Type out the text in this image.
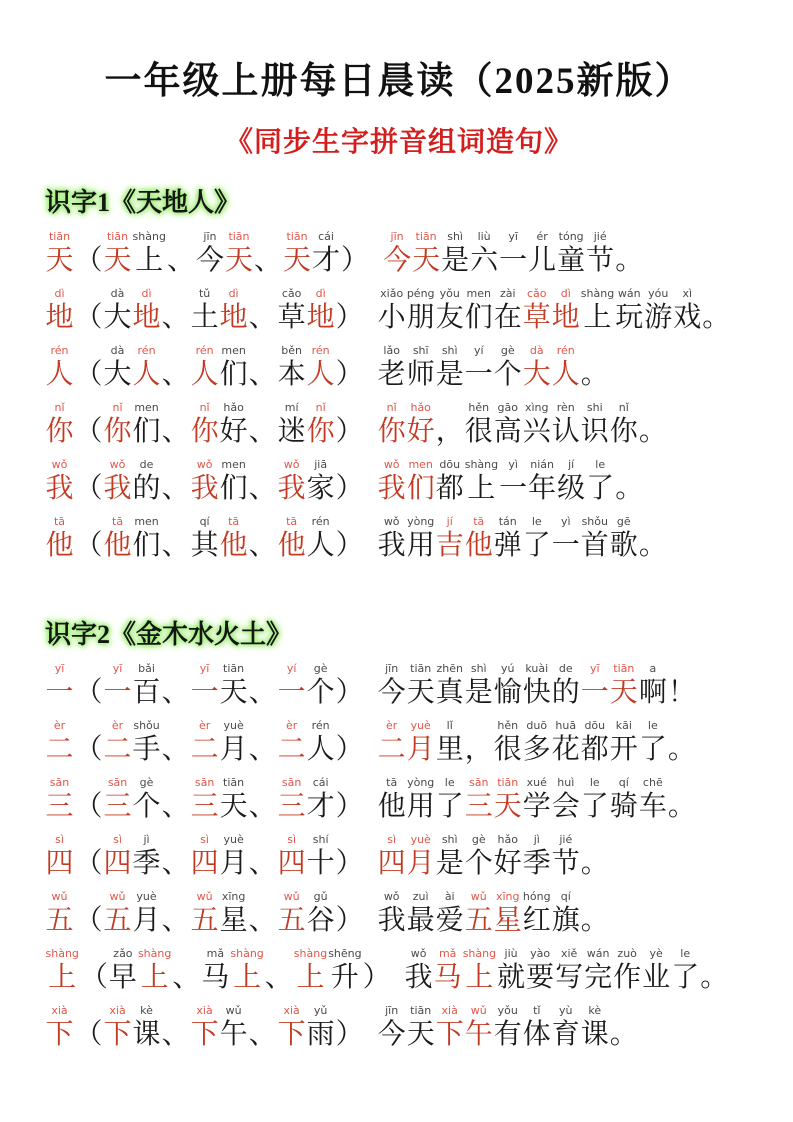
一年级上册每日晨读（2025新版）
《同步生字拼音组词造句》
识字1《天地人》
tiān
天
（
tiān
天
shàng
上
、
jīn
今
tiān
天
、
tiān
天
cái
才
）
jīn
今
tiān
天
shì
是
liù
六
yī
一
ér
儿
tóng
童
jié
节
。
dì
地
（
dà
大
dì
地
、
tǔ
土
dì
地
、
cǎo
草
dì
地
）
xiǎo
小
péng
朋
yǒu
友
men
们
zài
在
cǎo
草
dì
地
shàng
上
wán
玩
yóu
游
xì
戏
。
rén
人
（
dà
大
rén
人
、
rén
人
men
们
、
běn
本
rén
人
）
lǎo
老
shī
师
shì
是
yí
一
gè
个
dà
大
rén
人
。
nǐ
你
（
nǐ
你
men
们
、
nǐ
你
hǎo
好
、
mí
迷
nǐ
你
）
nǐ
你
hǎo
好
，
hěn
很
gāo
高
xìng
兴
rèn
认
shi
识
nǐ
你
。
wǒ
我
（
wǒ
我
de
的
、
wǒ
我
men
们
、
wǒ
我
jiā
家
）
wǒ
我
men
们
dōu
都
shàng
上
yì
一
nián
年
jí
级
le
了
。
tā
他
（
tā
他
men
们
、
qí
其
tā
他
、
tā
他
rén
人
）
wǒ
我
yòng
用
jí
吉
tā
他
tán
弹
le
了
yì
一
shǒu
首
gē
歌
。
识字2《金木水火土》
yī
一
（
yī
一
bǎi
百
、
yī
一
tiān
天
、
yí
一
gè
个
）
jīn
今
tiān
天
zhēn
真
shì
是
yú
愉
kuài
快
de
的
yī
一
tiān
天
a
啊
！
èr
二
（
èr
二
shǒu
手
、
èr
二
yuè
月
、
èr
二
rén
人
）
èr
二
yuè
月
lǐ
里
，
hěn
很
duō
多
huā
花
dōu
都
kāi
开
le
了
。
sān
三
（
sān
三
gè
个
、
sān
三
tiān
天
、
sān
三
cái
才
）
tā
他
yòng
用
le
了
sān
三
tiān
天
xué
学
huì
会
le
了
qí
骑
chē
车
。
sì
四
（
sì
四
jì
季
、
sì
四
yuè
月
、
sì
四
shí
十
）
sì
四
yuè
月
shì
是
gè
个
hǎo
好
jì
季
jié
节
。
wǔ
五
（
wǔ
五
yuè
月
、
wǔ
五
xīng
星
、
wǔ
五
gǔ
谷
）
wǒ
我
zuì
最
ài
爱
wǔ
五
xīng
星
hóng
红
qí
旗
。
shàng
上
（
zǎo
早
shàng
上
、
mǎ
马
shàng
上
、
shàng
上
shēng
升
）
wǒ
我
mǎ
马
shàng
上
jiù
就
yào
要
xiě
写
wán
完
zuò
作
yè
业
le
了
。
xià
下
（
xià
下
kè
课
、
xià
下
wǔ
午
、
xià
下
yǔ
雨
）
jīn
今
tiān
天
xià
下
wǔ
午
yǒu
有
tǐ
体
yù
育
kè
课
。
